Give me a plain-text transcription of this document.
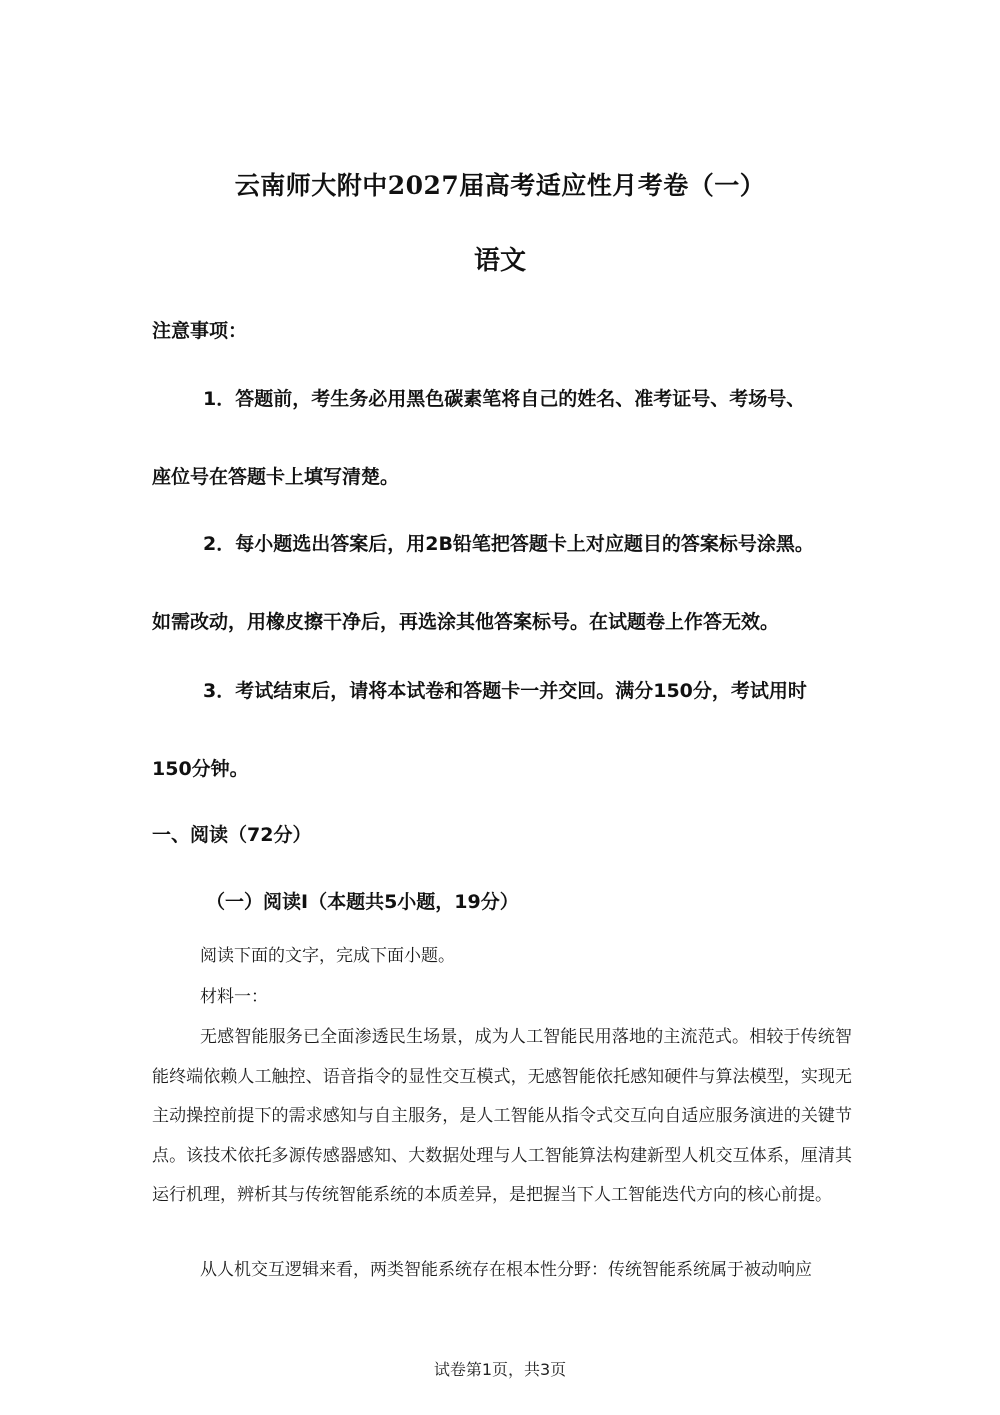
云南师大附中2027届高考适应性月考卷（一）
语文
注意事项：
1．答题前，考生务必用黑色碳素笔将自己的姓名、准考证号、考场号、
座位号在答题卡上填写清楚。
2．每小题选出答案后，用2B铅笔把答题卡上对应题目的答案标号涂黑。
如需改动，用橡皮擦干净后，再选涂其他答案标号。在试题卷上作答无效。
3．考试结束后，请将本试卷和答题卡一并交回。满分150分，考试用时
150分钟。
一、阅读（72分）
（一）阅读Ⅰ（本题共5小题，19分）
阅读下面的文字，完成下面小题。
材料一：
无感智能服务已全面渗透民生场景，成为人工智能民用落地的主流范式。相较于传统智能终端依赖人工触控、语音指令的显性交互模式，无感智能依托感知硬件与算法模型，实现无主动操控前提下的需求感知与自主服务，是人工智能从指令式交互向自适应服务演进的关键节点。该技术依托多源传感器感知、大数据处理与人工智能算法构建新型人机交互体系，厘清其运行机理，辨析其与传统智能系统的本质差异，是把握当下人工智能迭代方向的核心前提。
从人机交互逻辑来看，两类智能系统存在根本性分野：传统智能系统属于被动响应
试卷第1页，共3页
